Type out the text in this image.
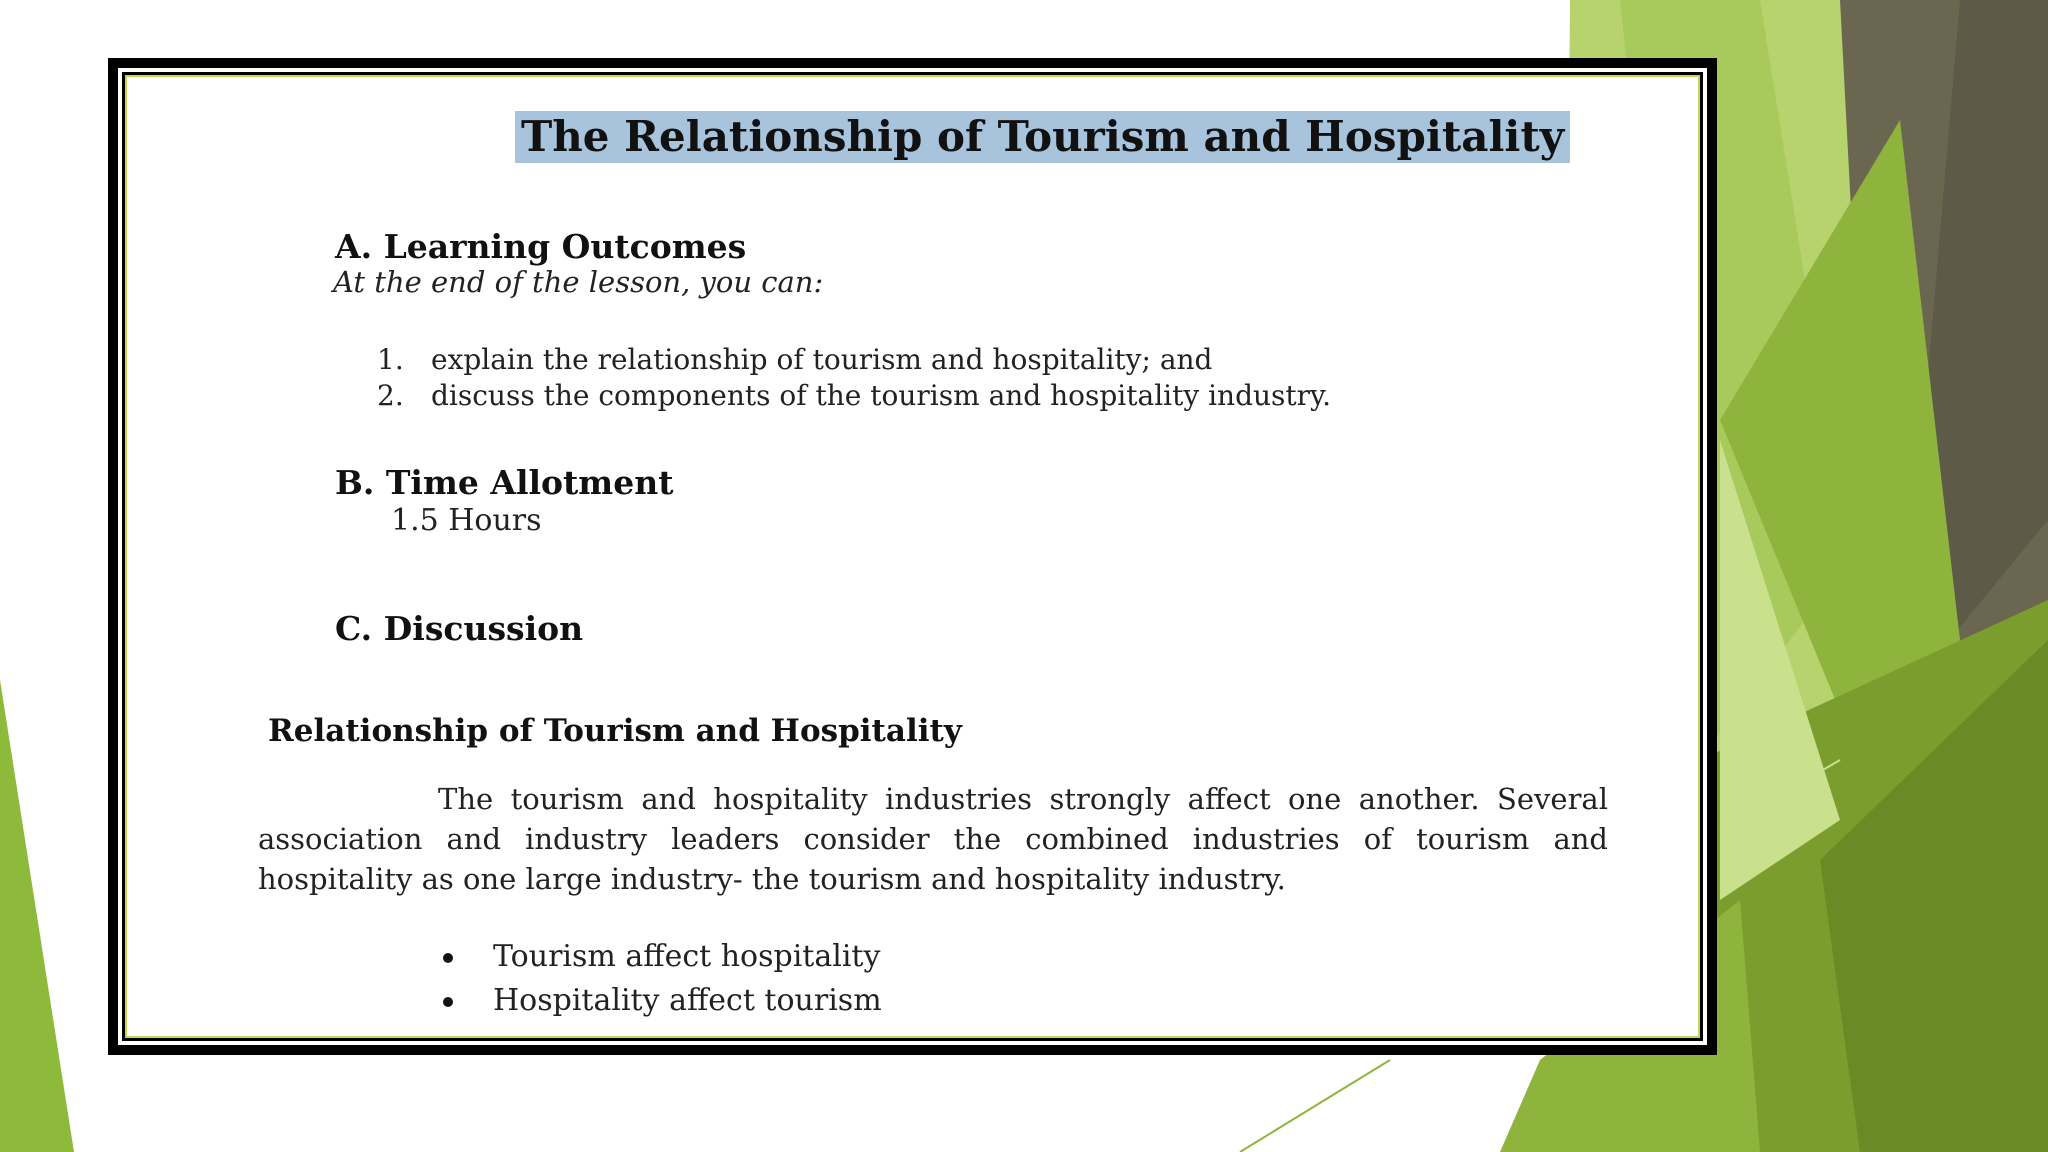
The Relationship of Tourism and Hospitality
A. Learning Outcomes
At the end of the lesson, you can:
1. explain the relationship of tourism and hospitality; and
2. discuss the components of the tourism and hospitality industry.
B. Time Allotment
1.5 Hours
C. Discussion
Relationship of Tourism and Hospitality
The tourism and hospitality industries strongly affect one another. Several association and industry leaders consider the combined industries of tourism and hospitality as one large industry- the tourism and hospitality industry.
Tourism affect hospitality
Hospitality affect tourism
